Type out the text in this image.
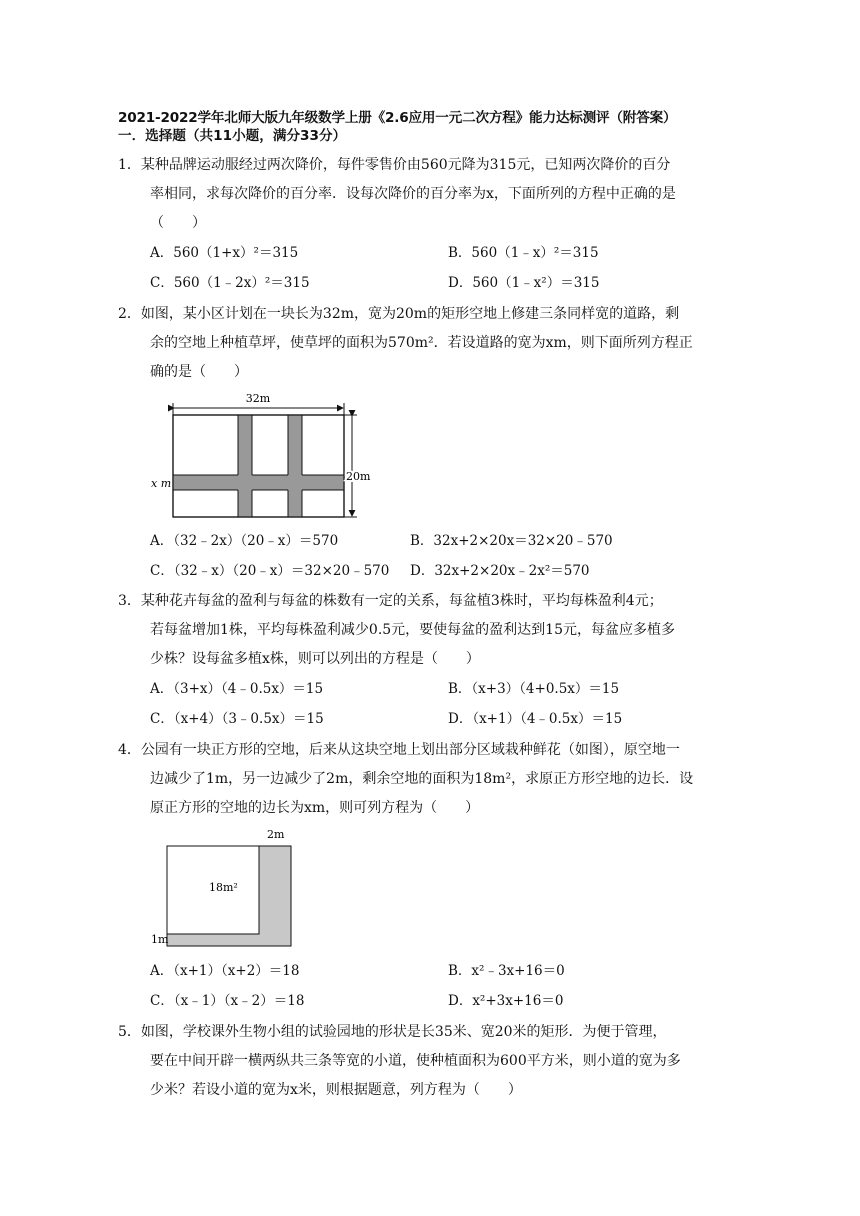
2021-2022学年北师大版九年级数学上册《2.6应用一元二次方程》能力达标测评（附答案）
一．选择题（共11小题，满分33分）
1．某种品牌运动服经过两次降价，每件零售价由560元降为315元，已知两次降价的百分
率相同，求每次降价的百分率．设每次降价的百分率为x，下面所列的方程中正确的是
（　　）
A．560（1+x）²＝315	B．560（1﹣x）²＝315
C．560（1﹣2x）²＝315	D．560（1﹣x²）＝315
2．如图，某小区计划在一块长为32m，宽为20m的矩形空地上修建三条同样宽的道路，剩
余的空地上种植草坪，使草坪的面积为570m²．若设道路的宽为xm，则下面所列方程正
确的是（　　）
32m
20m
x m
A．（32﹣2x）（20﹣x）＝570	B．32x+2×20x＝32×20﹣570
C．（32﹣x）（20﹣x）＝32×20﹣570 D．32x+2×20x﹣2x²＝570
3．某种花卉每盆的盈利与每盆的株数有一定的关系，每盆植3株时，平均每株盈利4元；
若每盆增加1株，平均每株盈利减少0.5元，要使每盆的盈利达到15元，每盆应多植多
少株？设每盆多植x株，则可以列出的方程是（　　）
A．（3+x）（4﹣0.5x）＝15	B．（x+3）（4+0.5x）＝15
C．（x+4）（3﹣0.5x）＝15	D．（x+1）（4﹣0.5x）＝15
4．公园有一块正方形的空地，后来从这块空地上划出部分区域栽种鲜花（如图），原空地一
边减少了1m，另一边减少了2m，剩余空地的面积为18m²，求原正方形空地的边长．设
原正方形的空地的边长为xm，则可列方程为（　　）
18m²
2m
1m
A．（x+1）（x+2）＝18	B．x²﹣3x+16＝0
C．（x﹣1）（x﹣2）＝18	D．x²+3x+16＝0
5．如图，学校课外生物小组的试验园地的形状是长35米、宽20米的矩形．为便于管理，
要在中间开辟一横两纵共三条等宽的小道，使种植面积为600平方米，则小道的宽为多
少米？若设小道的宽为x米，则根据题意，列方程为（　　）
